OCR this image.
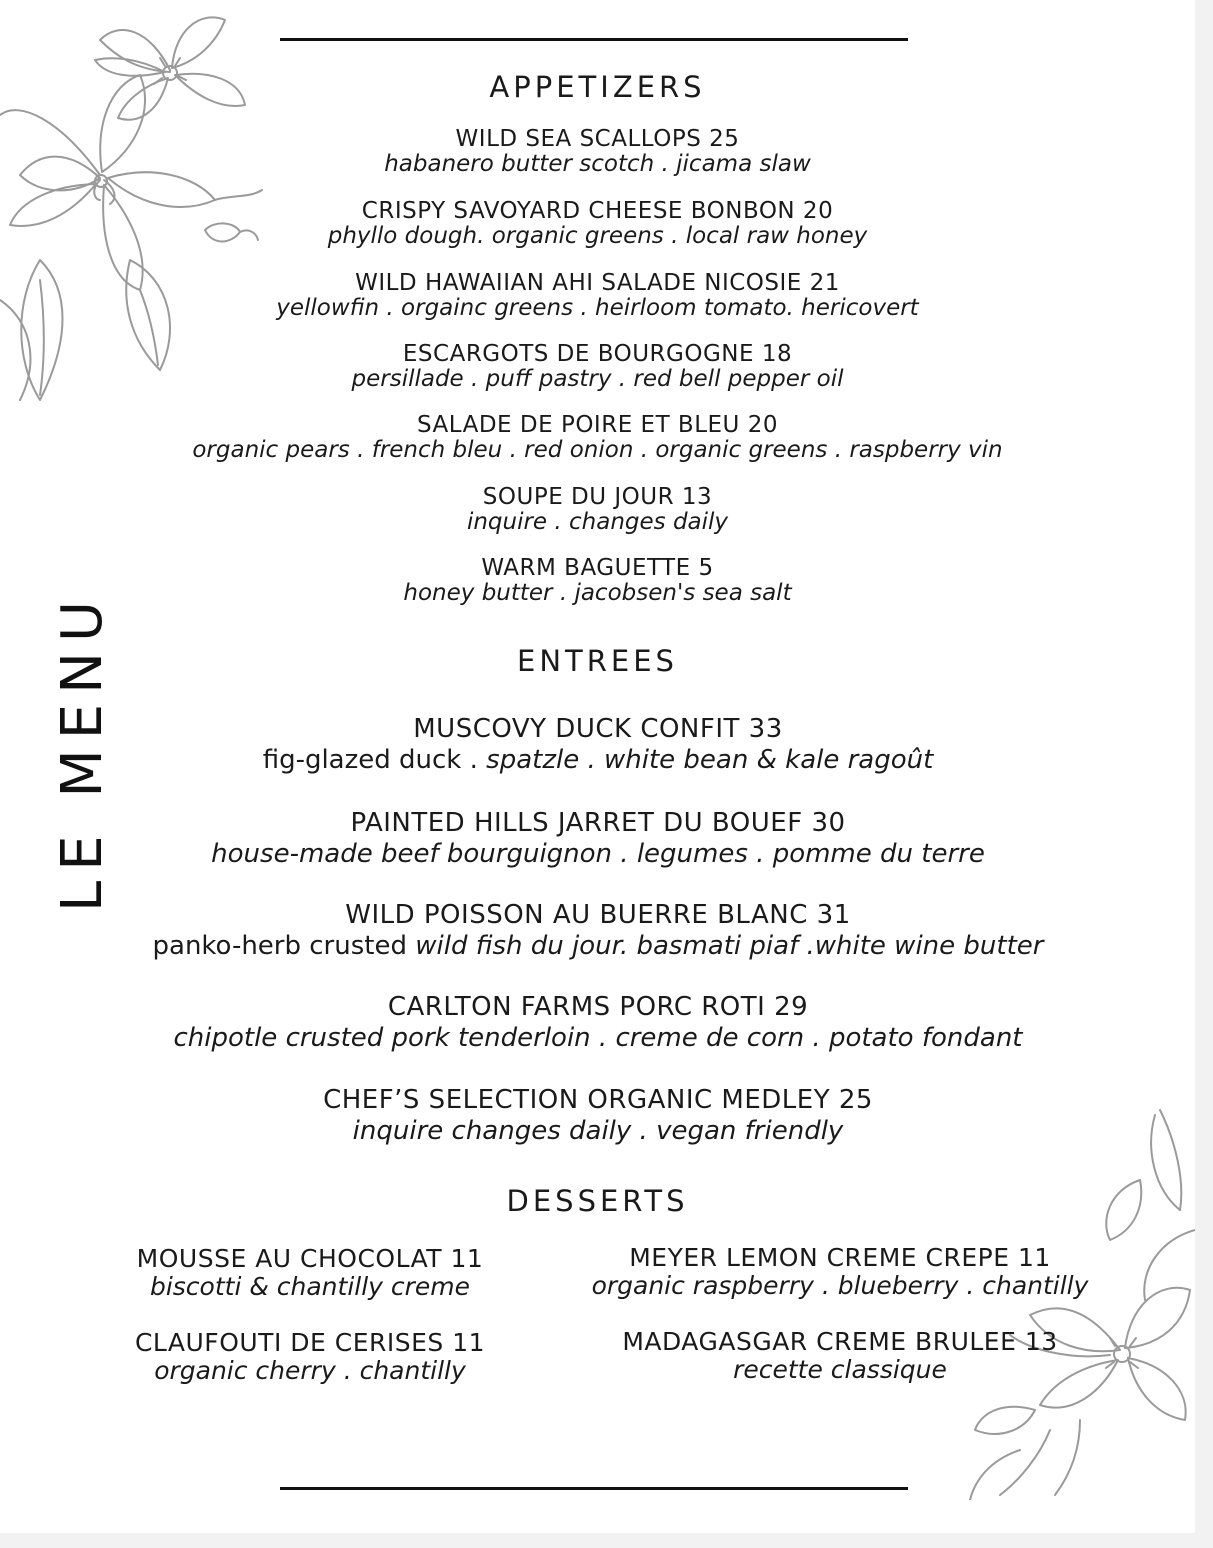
LE MENU
APPETIZERS
WILD SEA SCALLOPS 25
habanero butter scotch . jicama slaw
CRISPY SAVOYARD CHEESE BONBON 20
phyllo dough. organic greens . local raw honey
WILD HAWAIIAN AHI SALADE NICOSIE 21
yellowfin . orgainc greens . heirloom tomato. hericovert
ESCARGOTS DE BOURGOGNE 18
persillade . puff pastry . red bell pepper oil
SALADE DE POIRE ET BLEU 20
organic pears . french bleu . red onion . organic greens . raspberry vin
SOUPE DU JOUR 13
inquire . changes daily
WARM BAGUETTE 5
honey butter . jacobsen's sea salt
ENTREES
MUSCOVY DUCK CONFIT 33
fig-glazed duck . spatzle . white bean & kale ragoût
PAINTED HILLS JARRET DU BOUEF 30
house-made beef bourguignon . legumes . pomme du terre
WILD POISSON AU BUERRE BLANC 31
panko-herb crusted wild fish du jour. basmati piaf .white wine butter
CARLTON FARMS PORC ROTI 29
chipotle crusted pork tenderloin . creme de corn . potato fondant
CHEF’S SELECTION ORGANIC MEDLEY 25
inquire changes daily . vegan friendly
DESSERTS
MOUSSE AU CHOCOLAT 11
biscotti & chantilly creme
MEYER LEMON CREME CREPE 11
organic raspberry . blueberry . chantilly
CLAUFOUTI DE CERISES 11
organic cherry . chantilly
MADAGASGAR CREME BRULEE 13
recette classique
